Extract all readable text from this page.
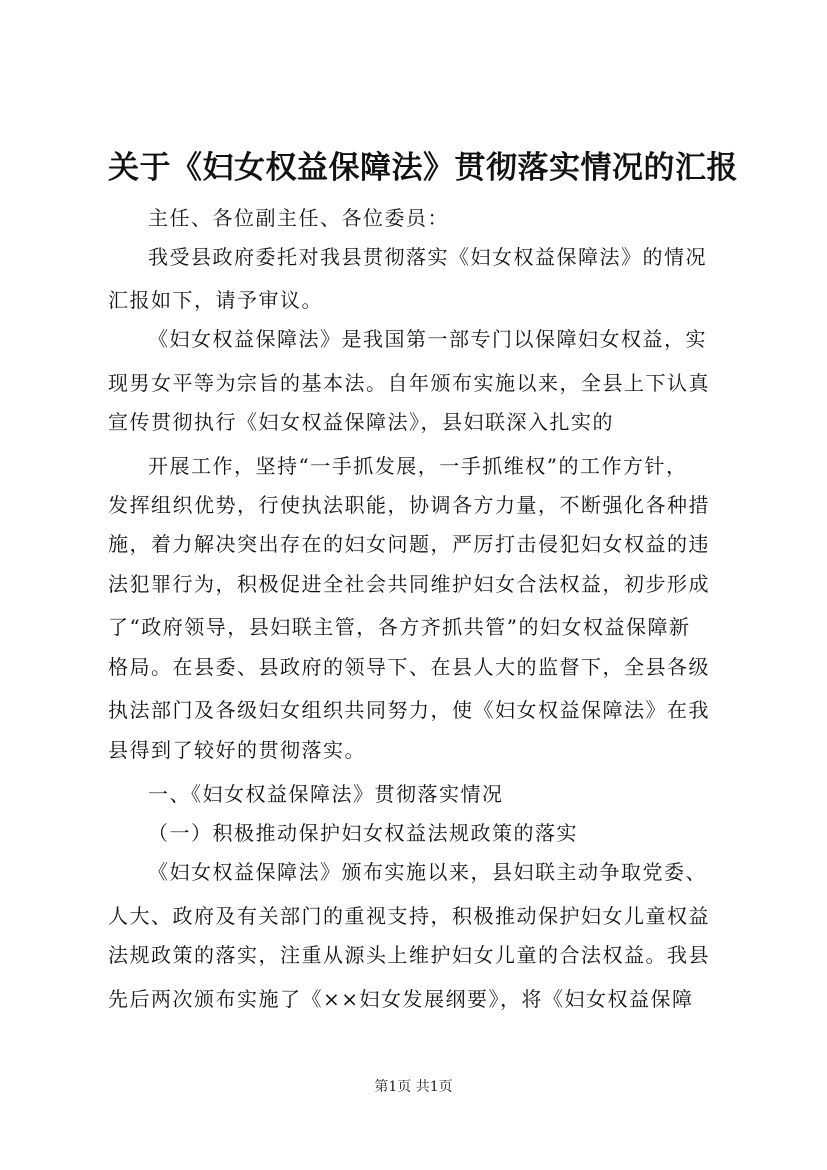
关于《妇女权益保障法》贯彻落实情况的汇报
主任、各位副主任、各位委员：
我受县政府委托对我县贯彻落实《妇女权益保障法》的情况
汇报如下，请予审议。
《妇女权益保障法》是我国第一部专门以保障妇女权益，实
现男女平等为宗旨的基本法。自年颁布实施以来，全县上下认真
宣传贯彻执行《妇女权益保障法》，县妇联深入扎实的
开展工作，坚持“一手抓发展，一手抓维权”的工作方针，
发挥组织优势，行使执法职能，协调各方力量，不断强化各种措
施，着力解决突出存在的妇女问题，严厉打击侵犯妇女权益的违
法犯罪行为，积极促进全社会共同维护妇女合法权益，初步形成
了“政府领导，县妇联主管，各方齐抓共管”的妇女权益保障新
格局。在县委、县政府的领导下、在县人大的监督下，全县各级
执法部门及各级妇女组织共同努力，使《妇女权益保障法》在我
县得到了较好的贯彻落实。
一、《妇女权益保障法》贯彻落实情况
（一）积极推动保护妇女权益法规政策的落实
《妇女权益保障法》颁布实施以来，县妇联主动争取党委、
人大、政府及有关部门的重视支持，积极推动保护妇女儿童权益
法规政策的落实，注重从源头上维护妇女儿童的合法权益。我县
先后两次颁布实施了《××妇女发展纲要》，将《妇女权益保障
第1页 共1页
